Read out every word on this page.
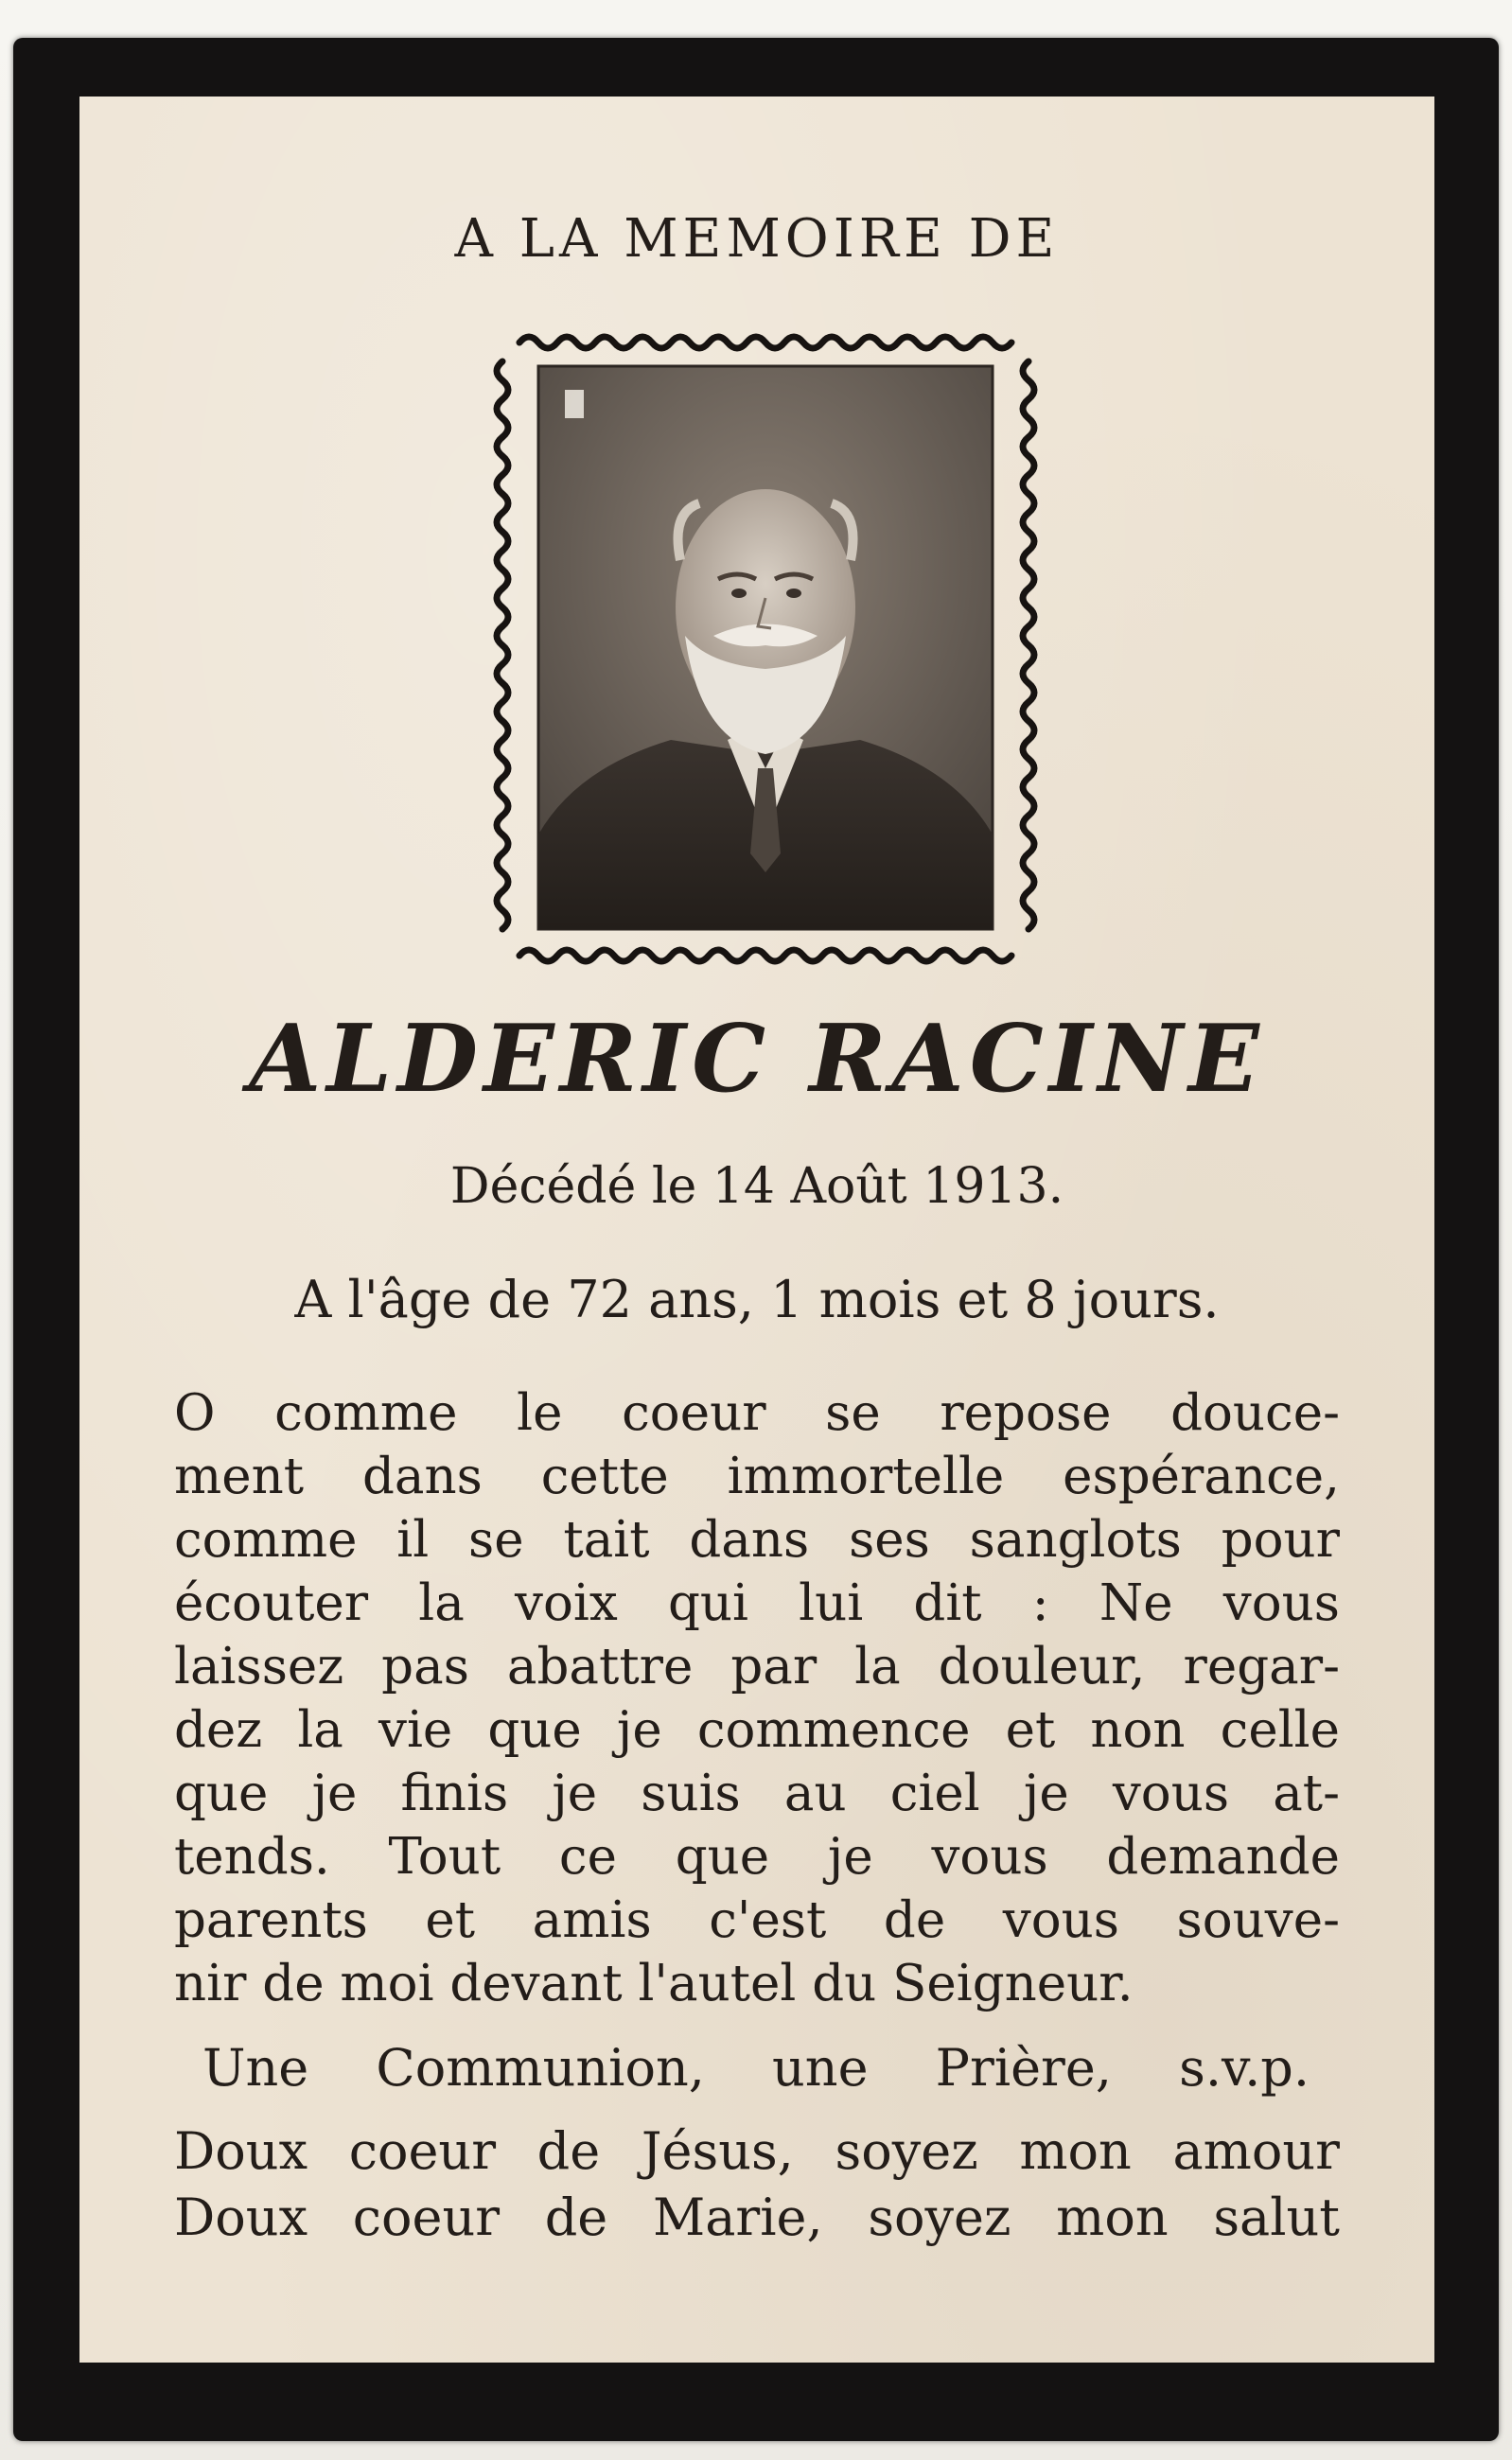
A LA MEMOIRE DE
ALDERIC RACINE
Décédé le 14 Août 1913.
A l'âge de 72 ans, 1 mois et 8 jours.
O comme le coeur se repose douce-
ment dans cette immortelle espérance,
comme il se tait dans ses sanglots pour
écouter la voix qui lui dit : Ne vous
laissez pas abattre par la douleur, regar-
dez la vie que je commence et non celle
que je finis je suis au ciel je vous at-
tends. Tout ce que je vous demande
parents et amis c'est de vous souve-
nir de moi devant l'autel du Seigneur.
Une Communion, une Prière, s.v.p.
Doux coeur de Jésus, soyez mon amour
Doux coeur de Marie, soyez mon salut
